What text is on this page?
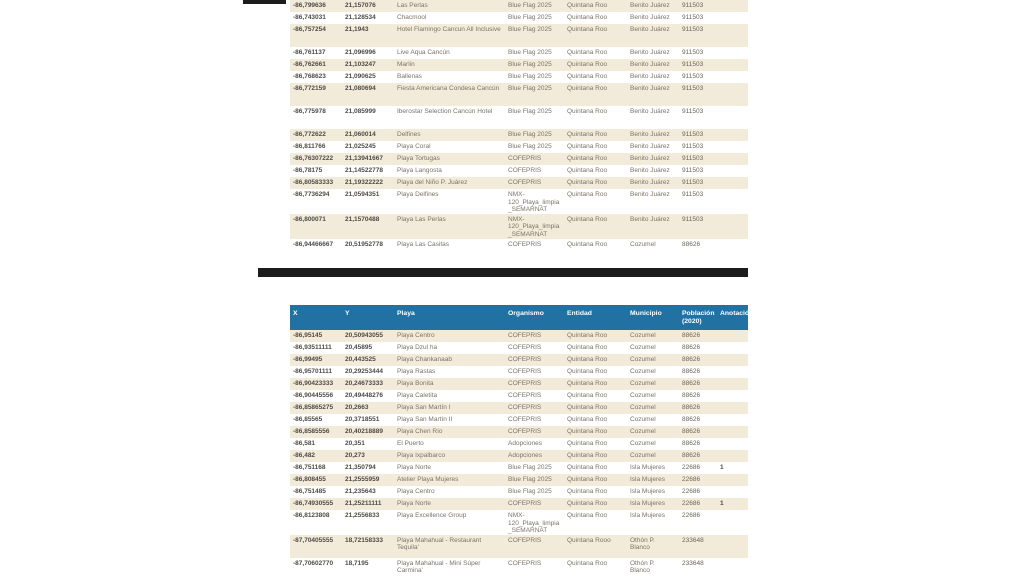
-86,799636	21,157076	Las Perlas	Blue Flag 2025	Quintana Roo	Benito Juárez	911503	
-86,743031	21,128534	Chacmool	Blue Flag 2025	Quintana Roo	Benito Juárez	911503	
-86,757254	21,1943	Hotel Flamingo Cancun All Inclusive	Blue Flag 2025	Quintana Roo	Benito Juárez	911503	
-86,761137	21,096996	Live Aqua Cancún	Blue Flag 2025	Quintana Roo	Benito Juárez	911503	
-86,762661	21,103247	Marlin	Blue Flag 2025	Quintana Roo	Benito Juárez	911503	
-86,768623	21,090625	Ballenas	Blue Flag 2025	Quintana Roo	Benito Juárez	911503	
-86,772159	21,080694	Fiesta Americana Condesa Cancún	Blue Flag 2025	Quintana Roo	Benito Juárez	911503	
-86,775978	21,085999	Iberostar Selection Cancún Hotel	Blue Flag 2025	Quintana Roo	Benito Juárez	911503	
-86,772622	21,060014	Delfines	Blue Flag 2025	Quintana Roo	Benito Juárez	911503	
-86,811766	21,025245	Playa Coral	Blue Flag 2025	Quintana Roo	Benito Juárez	911503	
-86,76307222	21,13941667	Playa Tortugas	COFEPRIS	Quintana Roo	Benito Juárez	911503	
-86,78175	21,14522778	Playa Langosta	COFEPRIS	Quintana Roo	Benito Juárez	911503	
-86,80583333	21,19322222	Playa del Niño P. Juárez	COFEPRIS	Quintana Roo	Benito Juárez	911503	
-86,7736294	21,0594351	Playa Delfines	NMX-120_Playa_limpia_SEMARNAT	Quintana Roo	Benito Juárez	911503	
-86,800071	21,1570488	Playa Las Perlas	NMX-120_Playa_limpia_SEMARNAT	Quintana Roo	Benito Juárez	911503	
-86,94466667	20,51952778	Playa Las Casitas	COFEPRIS	Quintana Roo	Cozumel	88626	
X	Y	Playa	Organismo	Entidad	Municipio	Población (2020)	Anotación
-86,95145	20,50943055	Playa Centro	COFEPRIS	Quintana Roo	Cozumel	88626	
-86,93511111	20,45895	Playa Dzul ha	COFEPRIS	Quintana Roo	Cozumel	88626	
-86,99495	20,443525	Playa Chankanaab	COFEPRIS	Quintana Roo	Cozumel	88626	
-86,95701111	20,29253444	Playa Rastas	COFEPRIS	Quintana Roo	Cozumel	88626	
-86,90423333	20,24673333	Playa Bonita	COFEPRIS	Quintana Roo	Cozumel	88626	
-86,90445556	20,49448276	Playa Caletita	COFEPRIS	Quintana Roo	Cozumel	88626	
-86,85865275	20,2663	Playa San Martín I	COFEPRIS	Quintana Roo	Cozumel	88626	
-86,85565	20,3718551	Playa San Martín II	COFEPRIS	Quintana Roo	Cozumel	88626	
-86,8585556	20,40218889	Playa Chen Río	COFEPRIS	Quintana Roo	Cozumel	88626	
-86,581	20,351	El Puerto	Adopciones	Quintana Roo	Cozumel	88626	
-86,482	20,273	Playa Ixpalbarco	Adopciones	Quintana Roo	Cozumel	88626	
-86,751168	21,350794	Playa Norte	Blue Flag 2025	Quintana Roo	Isla Mujeres	22686	1
-86,808455	21,2555959	Atelier Playa Mujeres	Blue Flag 2025	Quintana Roo	Isla Mujeres	22686	
-86,751485	21,235643	Playa Centro	Blue Flag 2025	Quintana Roo	Isla Mujeres	22686	
-86,74930555	21,25211111	Playa Norte	COFEPRIS	Quintana Roo	Isla Mujeres	22686	1
-86,8123808	21,2556833	Playa Excellence Group	NMX-120_Playa_limpia_SEMARNAT	Quintana Roo	Isla Mujeres	22686	
-87,70405555	18,72158333	Playa Mahahual - Restaurant Tequila'	COFEPRIS	Quintana Rooo	Othón P. Blanco	233648	
-87,70602770	18,7195	Playa Mahahual - Mini Súper Carmina'	COFEPRIS	Quintana Roo	Othón P. Blanco	233648	
